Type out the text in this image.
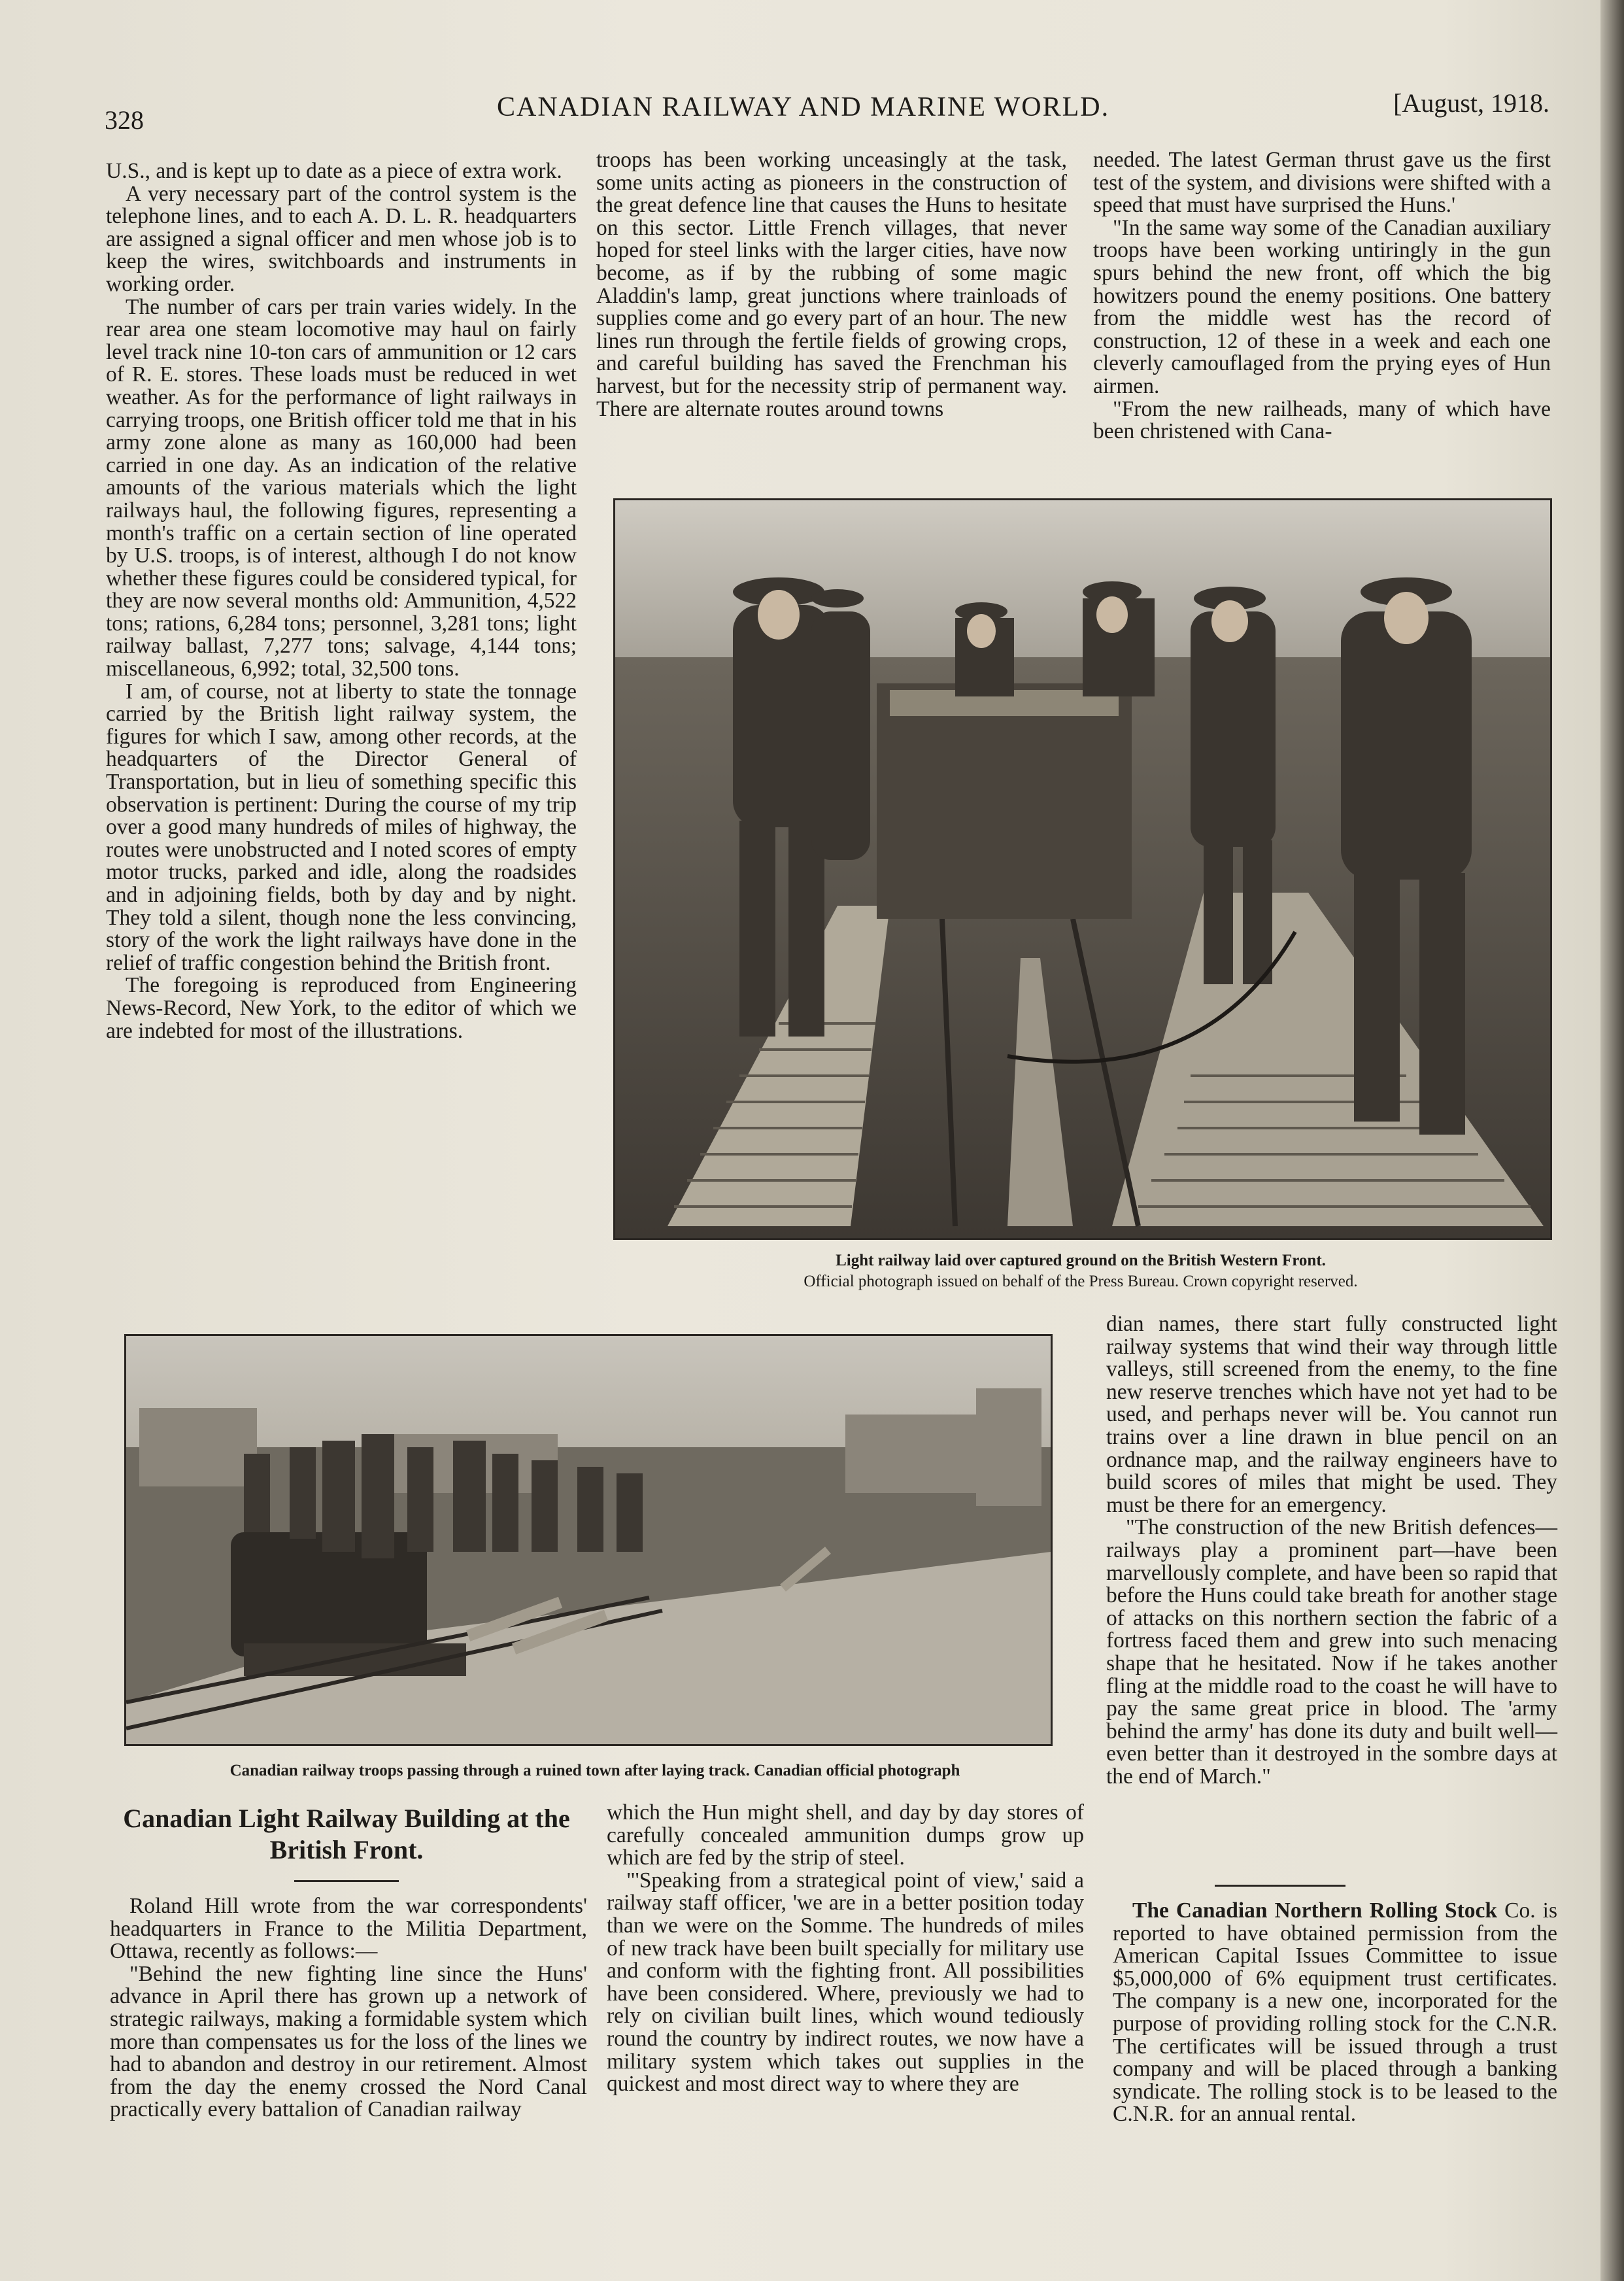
328	CANADIAN RAILWAY AND MARINE WORLD.	[August, 1918.

U.S., and is kept up to date as a piece of extra work.

A very necessary part of the control system is the telephone lines, and to each A. D. L. R. headquarters are assigned a signal officer and men whose job is to keep the wires, switchboards and instruments in working order.

The number of cars per train varies widely. In the rear area one steam locomotive may haul on fairly level track nine 10-ton cars of ammunition or 12 cars of R. E. stores. These loads must be reduced in wet weather. As for the performance of light railways in carrying troops, one British officer told me that in his army zone alone as many as 160,000 had been carried in one day. As an indication of the relative amounts of the various materials which the light railways haul, the following figures, representing a month's traffic on a certain section of line operated by U.S. troops, is of interest, although I do not know whether these figures could be considered typical, for they are now several months old: Ammunition, 4,522 tons; rations, 6,284 tons; personnel, 3,281 tons; light railway ballast, 7,277 tons; salvage, 4,144 tons; miscellaneous, 6,992; total, 32,500 tons.

I am, of course, not at liberty to state the tonnage carried by the British light railway system, the figures for which I saw, among other records, at the headquarters of the Director General of Transportation, but in lieu of something specific this observation is pertinent: During the course of my trip over a good many hundreds of miles of highway, the routes were unobstructed and I noted scores of empty motor trucks, parked and idle, along the roadsides and in adjoining fields, both by day and by night. They told a silent, though none the less convincing, story of the work the light railways have done in the relief of traffic congestion behind the British front.

The foregoing is reproduced from Engineering News-Record, New York, to the editor of which we are indebted for most of the illustrations.

troops has been working unceasingly at the task, some units acting as pioneers in the construction of the great defence line that causes the Huns to hesitate on this sector. Little French villages, that never hoped for steel links with the larger cities, have now become, as if by the rubbing of some magic Aladdin's lamp, great junctions where trainloads of supplies come and go every part of an hour. The new lines run through the fertile fields of growing crops, and careful building has saved the Frenchman his harvest, but for the necessity strip of permanent way. There are alternate routes around towns

needed. The latest German thrust gave us the first test of the system, and divisions were shifted with a speed that must have surprised the Huns.'

"In the same way some of the Canadian auxiliary troops have been working untiringly in the gun spurs behind the new front, off which the big howitzers pound the enemy positions. One battery from the middle west has the record of construction, 12 of these in a week and each one cleverly camouflaged from the prying eyes of Hun airmen.

"From the new railheads, many of which have been christened with Cana-

Light railway laid over captured ground on the British Western Front.
Official photograph issued on behalf of the Press Bureau. Crown copyright reserved.

dian names, there start fully constructed light railway systems that wind their way through little valleys, still screened from the enemy, to the fine new reserve trenches which have not yet had to be used, and perhaps never will be. You cannot run trains over a line drawn in blue pencil on an ordnance map, and the railway engineers have to build scores of miles that might be used. They must be there for an emergency.

"The construction of the new British defences—railways play a prominent part—have been marvellously complete, and have been so rapid that before the Huns could take breath for another stage of attacks on this northern section the fabric of a fortress faced them and grew into such menacing shape that he hesitated. Now if he takes another fling at the middle road to the coast he will have to pay the same great price in blood. The 'army behind the army' has done its duty and built well—even better than it destroyed in the sombre days at the end of March."

Canadian railway troops passing through a ruined town after laying track. Canadian official photograph
Canadian Light Railway Building at the British Front.

Roland Hill wrote from the war correspondents' headquarters in France to the Militia Department, Ottawa, recently as follows:—

"Behind the new fighting line since the Huns' advance in April there has grown up a network of strategic railways, making a formidable system which more than compensates us for the loss of the lines we had to abandon and destroy in our retirement. Almost from the day the enemy crossed the Nord Canal practically every battalion of Canadian railway

which the Hun might shell, and day by day stores of carefully concealed ammunition dumps grow up which are fed by the strip of steel.

"'Speaking from a strategical point of view,' said a railway staff officer, 'we are in a better position today than we were on the Somme. The hundreds of miles of new track have been built specially for military use and conform with the fighting front. All possibilities have been considered. Where, previously we had to rely on civilian built lines, which wound tediously round the country by indirect routes, we now have a military system which takes out supplies in the quickest and most direct way to where they are

The Canadian Northern Rolling Stock Co. is reported to have obtained permission from the American Capital Issues Committee to issue $5,000,000 of 6% equipment trust certificates. The company is a new one, incorporated for the purpose of providing rolling stock for the C.N.R. The certificates will be issued through a trust company and will be placed through a banking syndicate. The rolling stock is to be leased to the C.N.R. for an annual rental.
